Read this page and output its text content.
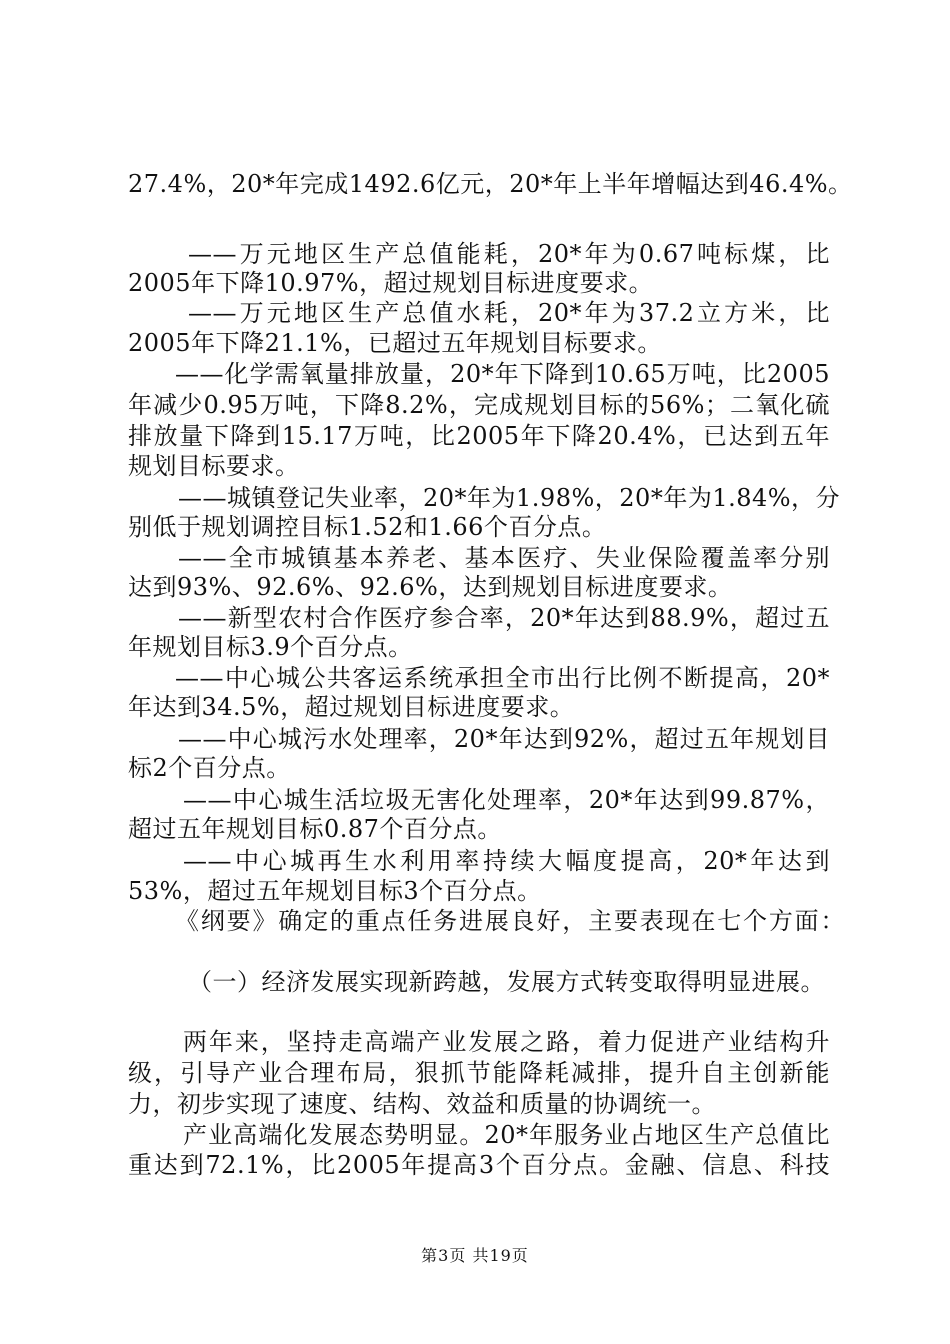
27.4%，20*年完成1492.6亿元，20*年上半年增幅达到46.4%。
——万元地区生产总值能耗，20*年为0.67吨标煤，比
2005年下降10.97%，超过规划目标进度要求。
——万元地区生产总值水耗，20*年为37.2立方米，比
2005年下降21.1%，已超过五年规划目标要求。
——化学需氧量排放量，20*年下降到10.65万吨，比2005
年减少0.95万吨，下降8.2%，完成规划目标的56%；二氧化硫
排放量下降到15.17万吨，比2005年下降20.4%，已达到五年
规划目标要求。
——城镇登记失业率，20*年为1.98%，20*年为1.84%，分
别低于规划调控目标1.52和1.66个百分点。
——全市城镇基本养老、基本医疗、失业保险覆盖率分别
达到93%、92.6%、92.6%，达到规划目标进度要求。
——新型农村合作医疗参合率，20*年达到88.9%，超过五
年规划目标3.9个百分点。
——中心城公共客运系统承担全市出行比例不断提高，20*
年达到34.5%，超过规划目标进度要求。
——中心城污水处理率，20*年达到92%，超过五年规划目
标2个百分点。
——中心城生活垃圾无害化处理率，20*年达到99.87%，
超过五年规划目标0.87个百分点。
——中心城再生水利用率持续大幅度提高，20*年达到
53%，超过五年规划目标3个百分点。
《纲要》确定的重点任务进展良好，主要表现在七个方面：
（一）经济发展实现新跨越，发展方式转变取得明显进展。
两年来，坚持走高端产业发展之路，着力促进产业结构升
级，引导产业合理布局，狠抓节能降耗减排，提升自主创新能
力，初步实现了速度、结构、效益和质量的协调统一。
产业高端化发展态势明显。20*年服务业占地区生产总值比
重达到72.1%，比2005年提高3个百分点。金融、信息、科技
第3页 共19页
